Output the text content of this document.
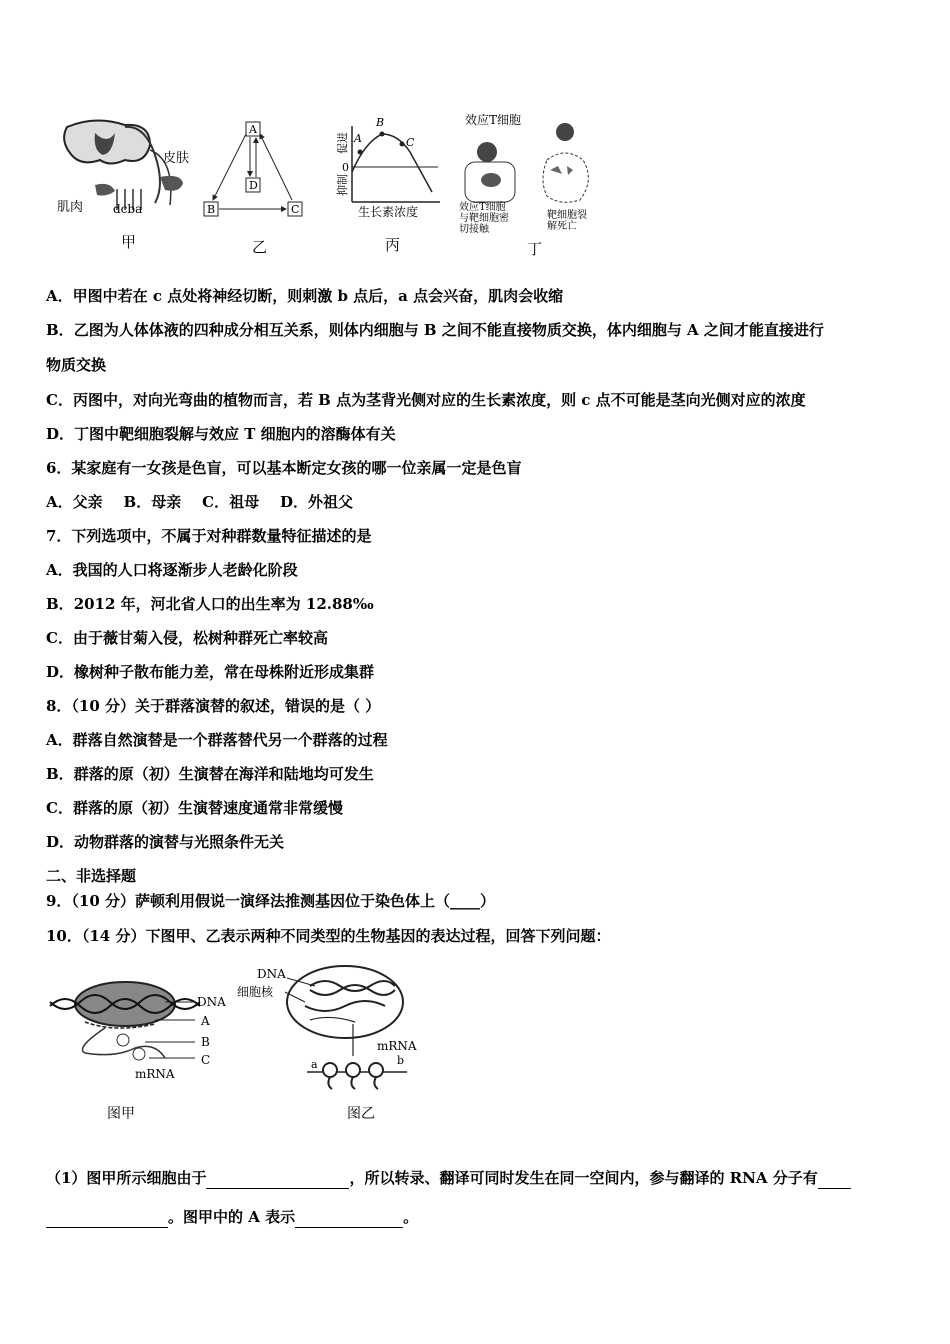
皮肤
肌肉 dcba
甲
A
D
B	C
乙
促进
0
抑制
A
B
C
生长素浓度
丙
效应T细胞
效应T细胞
与靶细胞密
切接触
靶细胞裂
解死亡
丁
A．甲图中若在 c 点处将神经切断，则刺激 b 点后，a 点会兴奋，肌肉会收缩
B．乙图为人体体液的四种成分相互关系，则体内细胞与 B 之间不能直接物质交换，体内细胞与 A 之间才能直接进行
物质交换
C．丙图中，对向光弯曲的植物而言，若 B 点为茎背光侧对应的生长素浓度，则 c 点不可能是茎向光侧对应的浓度
D．丁图中靶细胞裂解与效应 T 细胞内的溶酶体有关
6．某家庭有一女孩是色盲，可以基本断定女孩的哪一位亲属一定是色盲
A．父亲 B．母亲 C．祖母 D．外祖父
7．下列选项中，不属于对种群数量特征描述的是
A．我国的人口将逐渐步人老龄化阶段
B．2012 年，河北省人口的出生率为 12.88‰
C．由于薇甘菊入侵，松树种群死亡率较高
D．橡树种子散布能力差，常在母株附近形成集群
8．（10 分）关于群落演替的叙述，错误的是（ ）
A．群落自然演替是一个群落替代另一个群落的过程
B．群落的原（初）生演替在海洋和陆地均可发生
C．群落的原（初）生演替速度通常非常缓慢
D．动物群落的演替与光照条件无关
二、非选择题
9．（10 分）萨顿利用假说一演绎法推测基因位于染色体上（____）
10．（14 分）下图甲、乙表示两种不同类型的生物基因的表达过程，回答下列问题：
DNA
A
B
C
mRNA
图甲
DNA
细胞核
mRNA
a	b
图乙
（1）图甲所示细胞由于	，所以转录、翻译可同时发生在同一空间内，参与翻译的 RNA 分子有
。图甲中的 A 表示	。
